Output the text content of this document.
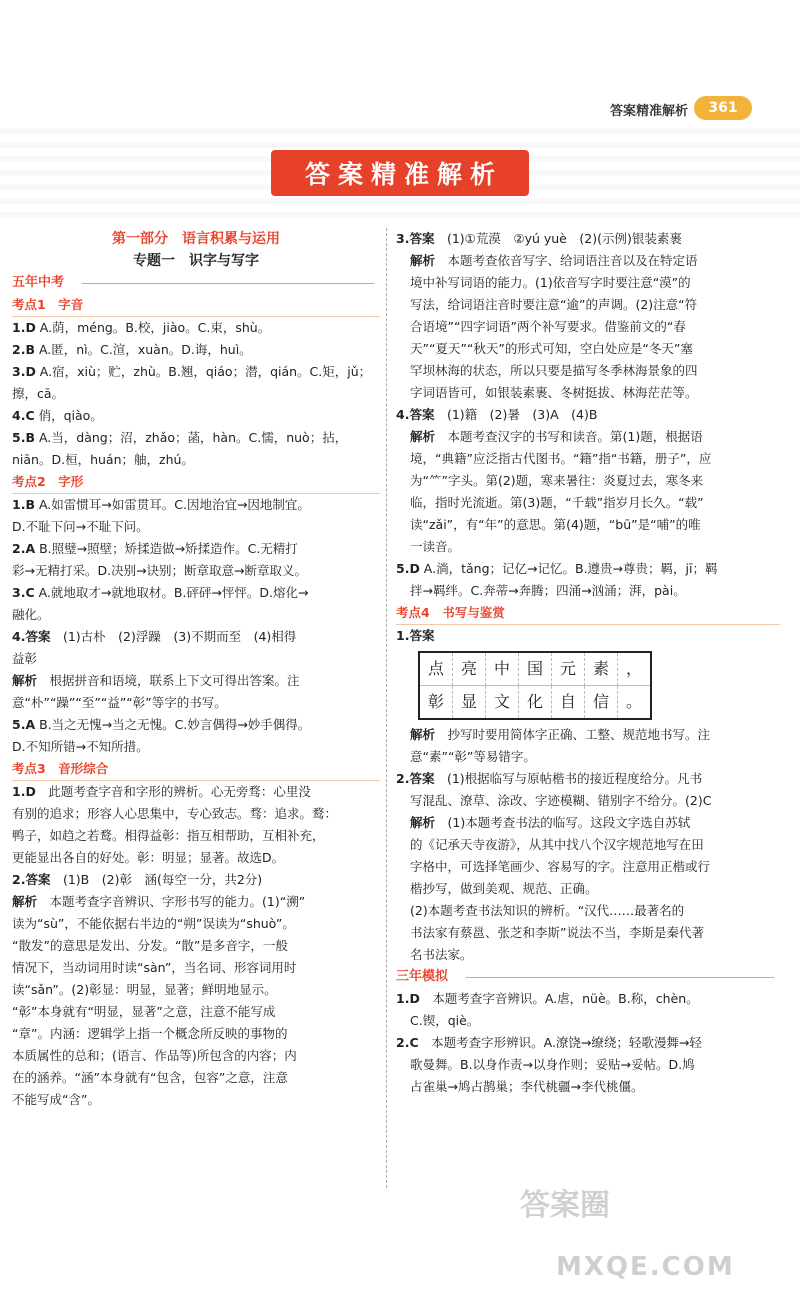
答案精准解析	361
答案精准解析
第一部分　语言积累与运用
专题一　识字与写字
五年中考
考点1　字音
1.D A.荫，méng。B.校，jiào。C.束，shù。
2.B A.匿，nì。C.渲，xuàn。D.诲，huì。
3.D A.宿，xiù；贮，zhù。B.翘，qiáo；潜，qián。C.矩，jǔ；
擦，cā。
4.C 俏，qiào。
5.B A.当，dàng；沼，zhǎo；菡，hàn。C.懦，nuò；拈，
niān。D.桓，huán；舳，zhú。
考点2　字形
1.B A.如雷惯耳→如雷贯耳。C.因地治宜→因地制宜。
D.不耻下问→不耻下问。
2.A B.照璧→照壁；矫揉造做→矫揉造作。C.无精打
彩→无精打采。D.决别→诀别；断章取意→断章取义。
3.C A.就地取才→就地取材。B.砰砰→怦怦。D.熔化→
融化。
4.答案　(1)古朴　(2)浮躁　(3)不期而至　(4)相得
益彰
解析　根据拼音和语境，联系上下文可得出答案。注
意“朴”“躁”“至”“益”“彰”等字的书写。
5.A B.当之无愧→当之无愧。C.妙言偶得→妙手偶得。
D.不知所错→不知所措。
考点3　音形综合
1.D　此题考查字音和字形的辨析。心无旁骛：心里没
有别的追求；形容人心思集中，专心致志。骛：追求。鹜：
鸭子，如趋之若鹜。相得益彰：指互相帮助，互相补充，
更能显出各自的好处。彰：明显；显著。故选D。
2.答案　(1)B　(2)彰　涵(每空一分，共2分)
解析　本题考查字音辨识、字形书写的能力。(1)“溯”
读为“sù”，不能依据右半边的“朔”误读为“shuò”。
“散发”的意思是发出、分发。“散”是多音字，一般
情况下，当动词用时读“sàn”，当名词、形容词用时
读“sǎn”。(2)彰显：明显，显著；鲜明地显示。
“彰”本身就有“明显，显著”之意，注意不能写成
“章”。内涵：逻辑学上指一个概念所反映的事物的
本质属性的总和；(语言、作品等)所包含的内容；内
在的涵养。“涵”本身就有“包含，包容”之意，注意
不能写成“含”。
3.答案　(1)①荒漠　②yú yuè　(2)(示例)银装素裹
解析　本题考查依音写字、给词语注音以及在特定语
境中补写词语的能力。(1)依音写字时要注意“漠”的
写法，给词语注音时要注意“逾”的声调。(2)注意“符
合语境”“四字词语”两个补写要求。借鉴前文的“春
天”“夏天”“秋天”的形式可知，空白处应是“冬天”塞
罕坝林海的状态，所以只要是描写冬季林海景象的四
字词语皆可，如银装素裹、冬树挺拔、林海茫茫等。
4.答案　(1)籍　(2)暑　(3)A　(4)B
解析　本题考查汉字的书写和读音。第(1)题，根据语
境，“典籍”应泛指古代图书。“籍”指“书籍，册子”，应
为“⺮”字头。第(2)题，寒来暑往：炎夏过去，寒冬来
临，指时光流逝。第(3)题，“千载”指岁月长久。“载”
读“zǎi”，有“年”的意思。第(4)题，“bū”是“哺”的唯
一读音。
5.D A.淌，tǎng；记亿→记忆。B.遵贵→尊贵；羁，jī；羁
拌→羁绊。C.奔蒂→奔腾；四涌→汹涌；湃，pài。
考点4　书写与鉴赏
1.答案
点	亮	中	国	元	素	，
彰	显	文	化	自	信	。
解析　抄写时要用简体字正确、工整、规范地书写。注
意“素”“彰”等易错字。
2.答案　(1)根据临写与原帖楷书的接近程度给分。凡书
写混乱、潦草、涂改、字迹模糊、错别字不给分。(2)C
解析　(1)本题考查书法的临写。这段文字选自苏轼
的《记承天寺夜游》，从其中找八个汉字规范地写在田
字格中，可选择笔画少、容易写的字。注意用正楷或行
楷抄写，做到美观、规范、正确。
(2)本题考查书法知识的辨析。“汉代……最著名的
书法家有蔡邕、张芝和李斯”说法不当，李斯是秦代著
名书法家。
三年模拟
1.D　本题考查字音辨识。A.虐，nüè。B.称，chèn。
C.锲，qiè。
2.C　本题考查字形辨识。A.潦饶→缭绕；轻歌漫舞→轻
歌曼舞。B.以身作责→以身作则；妥贴→妥帖。D.鸠
占雀巢→鸠占鹊巢；李代桃疆→李代桃僵。
答案圈
MXQE.COM
